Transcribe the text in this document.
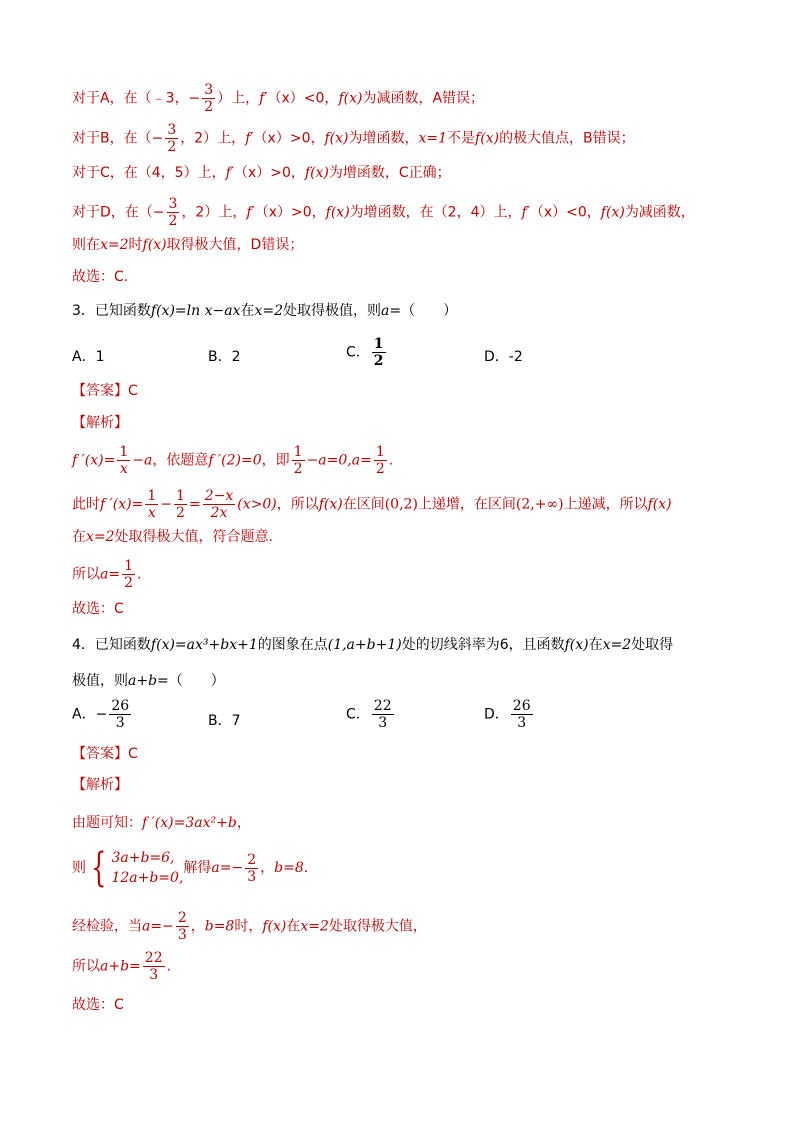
对于A，在（﹣3，− $\frac{3}{2}$ ）上，f′（x）<0，f(x)为减函数，A错误；
对于B，在（− $\frac{3}{2}$ ，2）上，f′（x）>0，f(x)为增函数，x=1不是f(x)的极大值点，B错误；
对于C，在（4，5）上，f′（x）>0，f(x)为增函数，C正确；
对于D，在（− $\frac{3}{2}$ ，2）上，f′（x）>0，f(x)为增函数，在（2，4）上，f′（x）<0，f(x)为减函数，
则在x=2时f(x)取得极大值，D错误；
故选：C.
3．已知函数f(x)=ln x−ax在x=2处取得极值，则a=（　　）
A．1	B．2	C． $\frac{1}{2}$	D．-2
【答案】C
【解析】
f $'(x)= \frac{1}{x} -a$，依题意f ′(2)=0，即 $\frac{1}{2} -a=0,a= \frac{1}{2}$ .
此时f $'(x)= \frac{1}{x} - \frac{1}{2} = \frac{2-x}{2x} (x>0)$，所以f(x)在区间(0,2)上递增，在区间(2,+∞)上递减，所以f(x)
在x=2处取得极大值，符合题意.
所以$a= \frac{1}{2}$ .
故选：C
4．已知函数f(x)=ax³+bx+1的图象在点(1,a+b+1)处的切线斜率为6，且函数f(x)在x=2处取得
极值，则a+b=（　　）
A．− $\frac{26}{3}$	B．7	C． $\frac{22}{3}$	D． $\frac{26}{3}$
【答案】C
【解析】
由题可知：f ′(x)=3ax²+b，
则 { 3a+b=6,
12a+b=0,
解得$a=- \frac{2}{3}$ ，b=8.
经检验，当$a=- \frac{2}{3}$ ，b=8时，f(x)在x=2处取得极大值，
所以$a+b= \frac{22}{3}$ .
故选：C
